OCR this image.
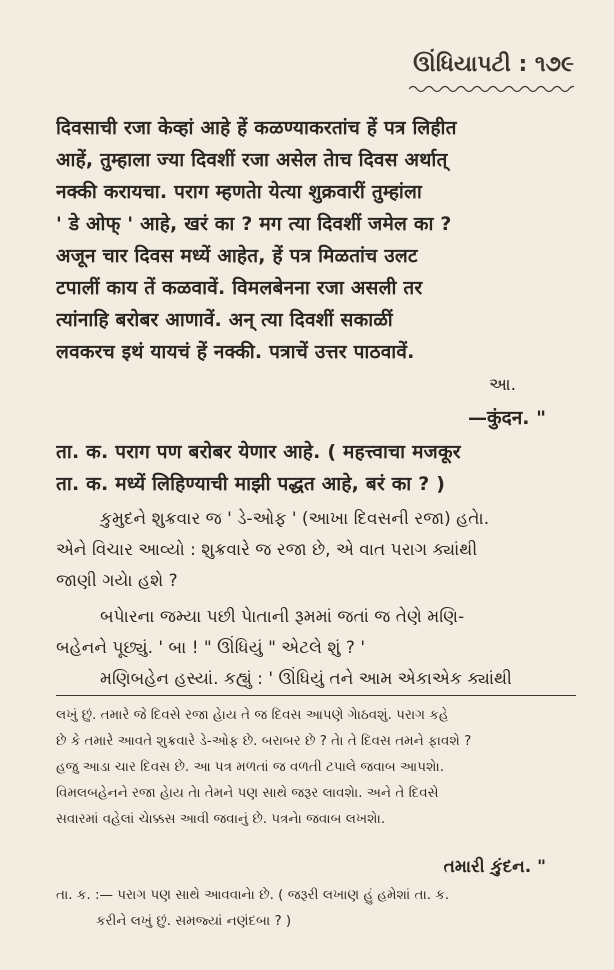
ઊંધિયાપટી : ૧૭૯
दिवसाची रजा केव्हां आहे हें कळण्याकरतांच हें पत्र लिहीत
आहें, तुम्हाला ज्या दिवशीं रजा असेल तेाच दिवस अर्थात्
नक्की करायचा. पराग म्हणतेा येत्या शुक्रवारीं तुम्हांला
' डे ओफ् ' आहे, खरं का ? मग त्या दिवशीं जमेल का ?
अजून चार दिवस मध्यें आहेत, हें पत्र मिळतांच उलट
टपालीं काय तें कळवावें. विमलबेनना रजा असली तर
त्यांनाहि बरोबर आणावें. अन् त्या दिवशीं सकाळीं
लवकरच इथं यायचं हें नक्की. पत्राचें उत्तर पाठवावें.
આ.
—कुंदन. "
ता. क. पराग पण बरोबर येणार आहे. ( महत्त्वाचा मजकूर
ता. क. मध्यें लिहिण्याची माझी पद्धत आहे, बरं का ? )
કુમુદને શુક્રવાર જ ' ડે-ઓફ ' (આખા દિવસની રજા) હતેા.
એને વિચાર આવ્યો : શુક્રવારે જ રજા છે, એ વાત પરાગ ક્યાંથી
જાણી ગયેા હશે ?
બપેારના જમ્યા પછી પેાતાની રૂમમાં જતાં જ તેણે મણિ-
બહેનને પૂછ્યું. ' બા ! " ઊંધિયું " એટલે શું ? '
મણિબહેન હસ્યાં. કહ્યું : ' ઊંધિયું તને આમ એકાએક ક્યાંથી
લખું છું. તમારે જે દિવસે રજા હેાય તે જ દિવસ આપણે ગેાઠવશું. પરાગ કહે
છે કે તમારે આવતે શુક્રવારે ડે-ઓફ છે. બરાબર છે ? તેા તે દિવસ તમને ફાવશે ?
હજુ આડા ચાર દિવસ છે. આ પત્ર મળતાં જ વળતી ટપાલે જવાબ આપશેા.
વિમલબહેનને રજા હેાય તેા તેમને પણ સાથે જરૂર લાવશેા. અને તે દિવસે
સવારમાં વહેલાં ચેાક્કસ આવી જવાનું છે. પત્રનેા જવાબ લખશેા.
તમારી કુંદન. "
તા. ક. :— પરાગ પણ સાથે આવવાનેા છે. ( જરૂરી લખાણ હું હમેશાં તા. ક.
કરીને લખું છું. સમજ્યાં નણંદબા ? )
